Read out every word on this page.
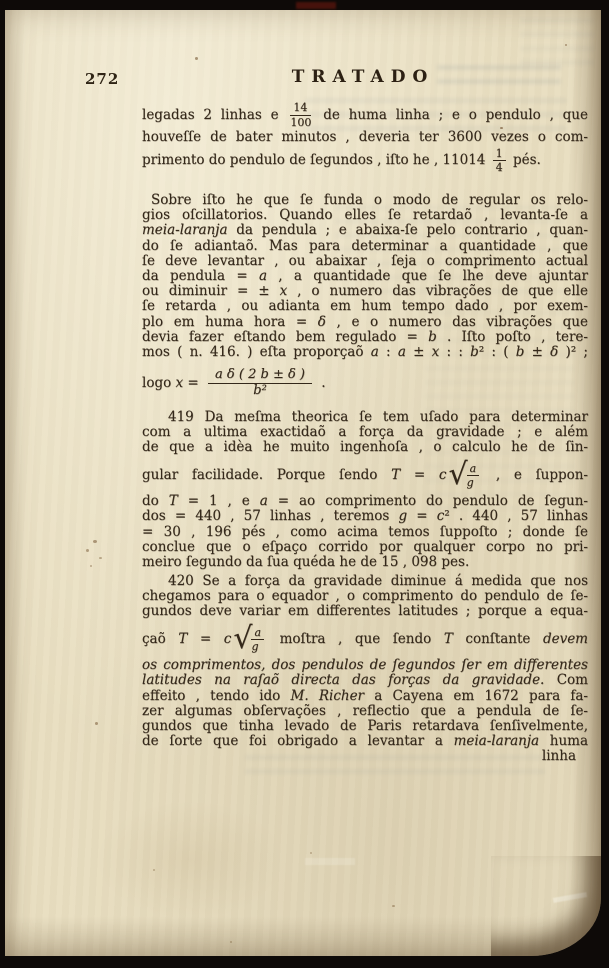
272	TRATADO
legadas 2 linhas e $\frac{14}{100}$ de huma linha ; e o pendulo , que
houveſſe de bater minutos , deveria ter 3600 vezes o com-
primento do pendulo de ſegundos , iſto he , $11014 \frac{1}{4}$ pés.
Sobre iſto he que ſe funda o modo de regular os relo-
gios oſcillatorios. Quando elles ſe retardaõ , levanta-ſe a
meia-laranja da pendula ; e abaixa-ſe pelo contrario , quan-
do ſe adiantaõ. Mas para determinar a quantidade , que
ſe deve levantar , ou abaixar , ſeja o comprimento actual
da pendula = a , a quantidade que ſe lhe deve ajuntar
ou diminuir = ± x , o numero das vibrações de que elle
ſe retarda , ou adianta em hum tempo dado , por exem-
plo em huma hora = δ , e o numero das vibrações que
devia fazer eſtando bem regulado = b . Iſto poſto , tere-
mos ( n. 416. ) eſta proporçaõ a : a ± x : : b² : ( b ± δ )² ;
logo $x = \frac{\text{a δ ( 2 b ± δ )}}{\text{b²}}$ .
419 Da meſma theorica ſe tem uſado para determinar
com a ultima exactidaõ a força da gravidade ; e além
de que a idèa he muito ingenhoſa , o calculo he de ſin-
gular facilidade. Porque ſendo $T = c√ \frac{a}{g}$ , e ſuppon-
do T = 1 , e a = ao comprimento do pendulo de ſegun-
dos = 440 , 57 linhas , teremos g = c² . 440 , 57 linhas
= 30 , 196 pés , como acima temos ſuppoſto ; donde ſe
conclue que o eſpaço corrido por qualquer corpo no pri-
meiro ſegundo da ſua quéda he de 15 , 098 pes.
420 Se a força da gravidade diminue á medida que nos
chegamos para o equador , o comprimento do pendulo de ſe-
gundos deve variar em differentes latitudes ; porque a equa-
çaõ $T = c√ \frac{a}{g}$ moſtra , que ſendo T conſtante devem
os comprimentos, dos pendulos de ſegundos ſer em differentes
latitudes na raſaõ directa das forças da gravidade. Com
effeito , tendo ido M. Richer a Cayena em 1672 para fa-
zer algumas obſervações , reflectio que a pendula de ſe-
gundos que tinha levado de Paris retardava ſenſivelmente,
de ſorte que foi obrigado a levantar a meia-laranja huma
linha
